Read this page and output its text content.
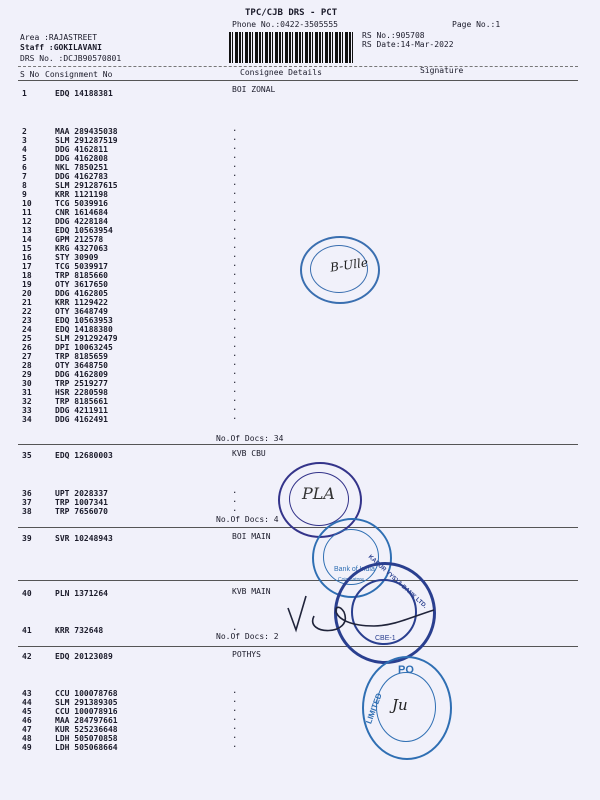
TPC/CJB DRS - PCT
Phone No.:0422-3505555	Page No.:1
Area :RAJASTREET
Staff :GOKILAVANI
DRS No. :DCJB90570801
RS No.:905708
RS Date:14-Mar-2022
S No Consignment No	Consignee Details	Signature
BOI ZONAL
No.Of Docs: 34
1	EDQ 14188381
2	MAA 289435038	.
3	SLM 291287519	.
4	DDG 4162811	.
5	DDG 4162808	.
6	NKL 7850251	.
7	DDG 4162783	.
8	SLM 291287615	.
9	KRR 1121198	.
10	TCG 5039916	.
11	CNR 1614684	.
12	DDG 4228184	.
13	EDQ 10563954	.
14	GPM 212578	.
15	KRG 4327063	.
16	STY 30909	.
17	TCG 5039917	.
18	TRP 8185660	.
19	OTY 3617650	.
20	DDG 4162805	.
21	KRR 1129422	.
22	OTY 3648749	.
23	EDQ 10563953	.
24	EDQ 14188380	.
25	SLM 291292479	.
26	DPI 10063245	.
27	TRP 8185659	.
28	OTY 3648750	.
29	DDG 4162809	.
30	TRP 2519277	.
31	HSR 2280598	.
32	TRP 8185661	.
33	DDG 4211911	.
34	DDG 4162491	.
KVB CBU
No.Of Docs: 4
35	EDQ 12680003
36	UPT 2028337	.
37	TRP 1007341	.
38	TRP 7656070	.
BOI MAIN
39	SVR 10248943
KVB MAIN
No.Of Docs: 2
40	PLN 1371264
41	KRR 732648	.
POTHYS
42	EDQ 20123089
43	CCU 100078768	.
44	SLM 291389305	.
45	CCU 100078916	.
46	MAA 284797661	.
47	KUR 525236648	.
48	LDH 505070858	.
49	LDH 505068664	.
B-Ulle
PLA
Bank of India
Coimbatore KARUR VYSYA BANK LTD.
CBE-1
PO
LIMITED Ju
